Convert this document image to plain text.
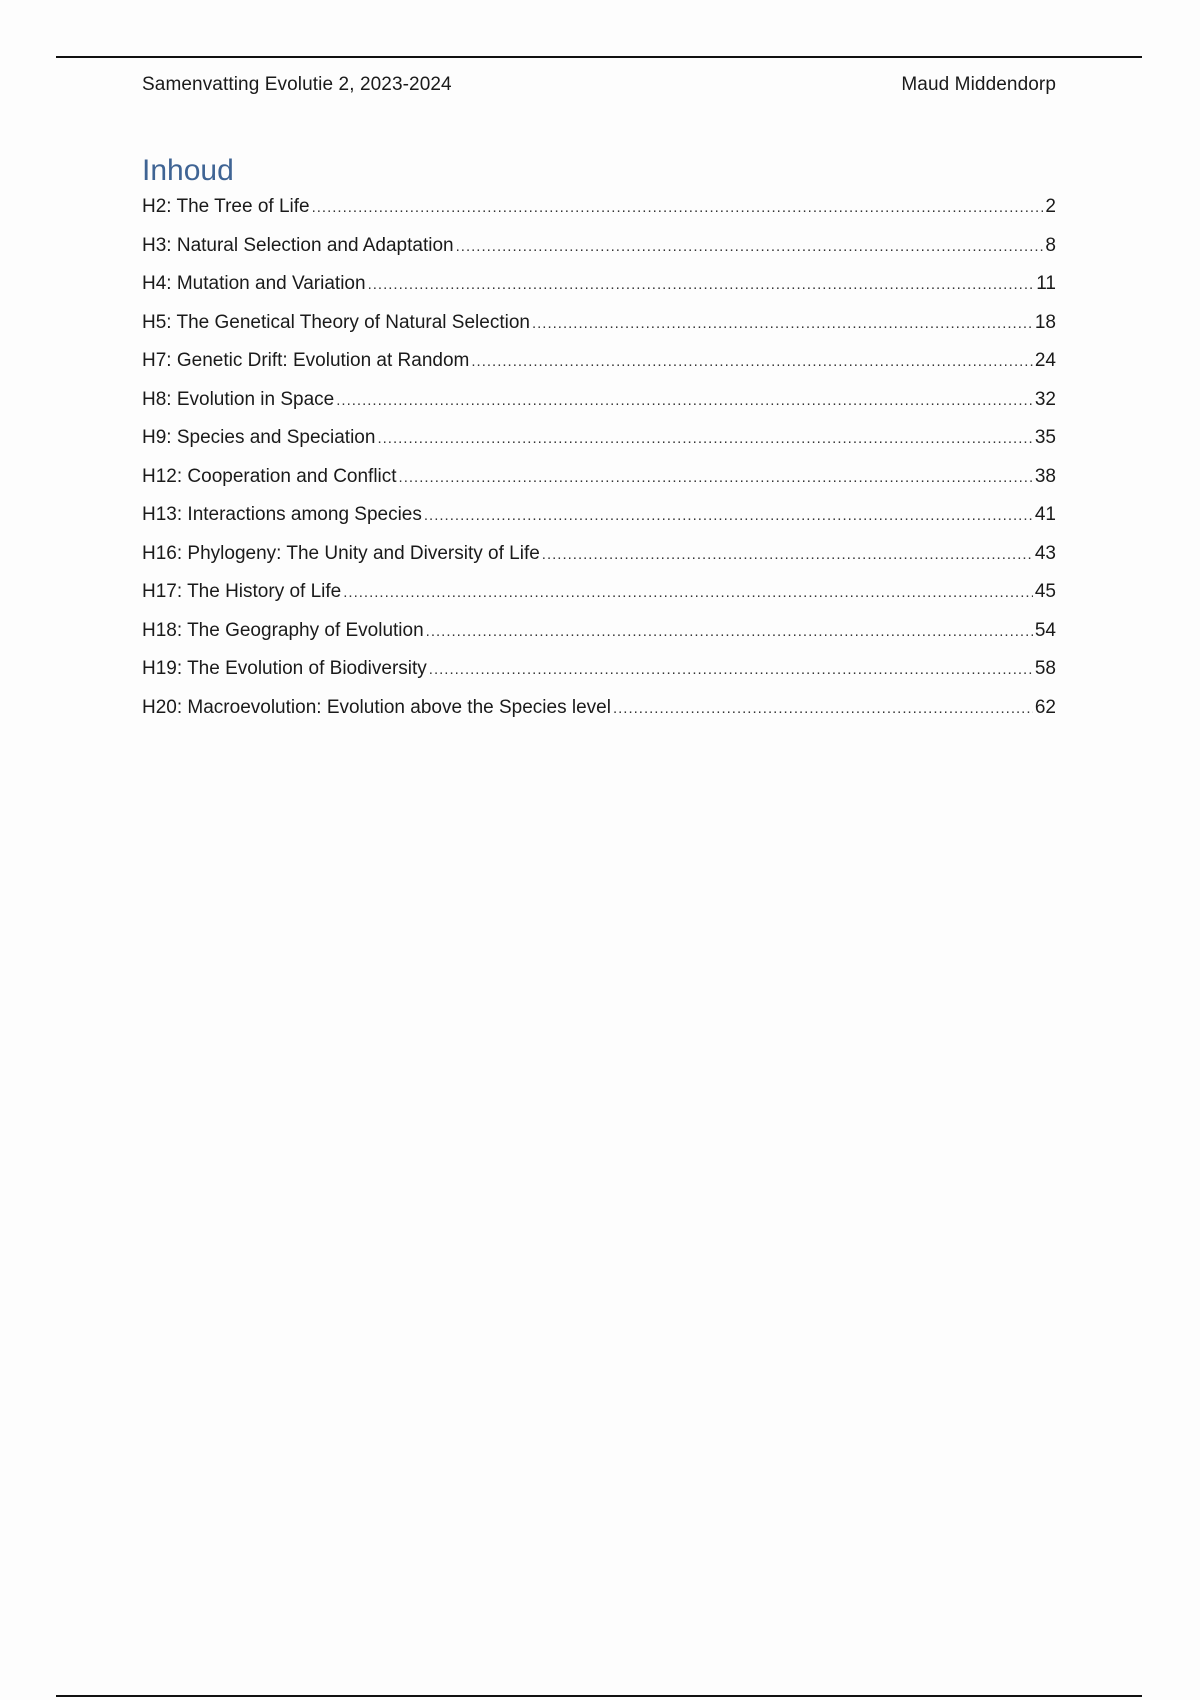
Samenvatting Evolutie 2, 2023-2024	Maud Middendorp
Inhoud
H2: The Tree of Life .....	2
H3: Natural Selection and Adaptation .....	8
H4: Mutation and Variation .....	11
H5: The Genetical Theory of Natural Selection .....	18
H7: Genetic Drift: Evolution at Random .....	24
H8: Evolution in Space .....	32
H9: Species and Speciation .....	35
H12: Cooperation and Conflict .....	38
H13: Interactions among Species .....	41
H16: Phylogeny: The Unity and Diversity of Life .....	43
H17: The History of Life .....	45
H18: The Geography of Evolution .....	54
H19: The Evolution of Biodiversity .....	58
H20: Macroevolution: Evolution above the Species level .....	62
